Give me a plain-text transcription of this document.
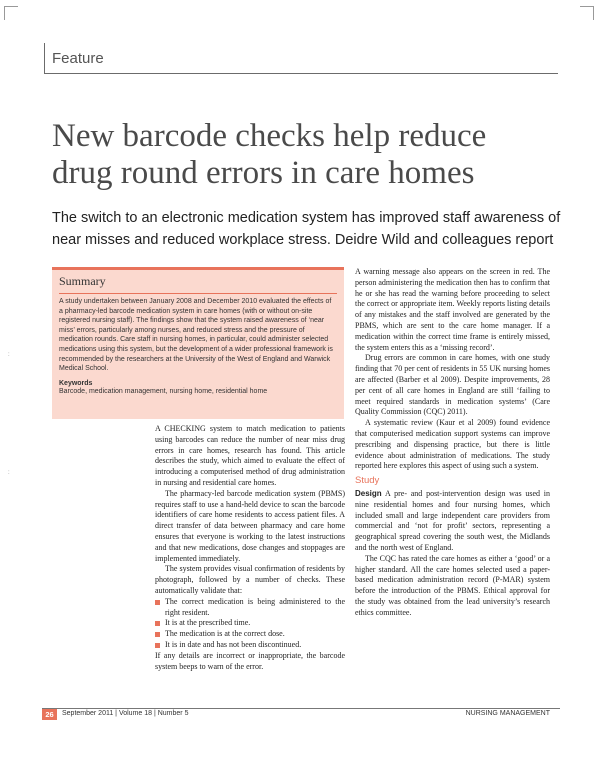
:
:
Feature
New barcode checks help reduce drug round errors in care homes
The switch to an electronic medication system has improved staff awareness of near misses and reduced workplace stress. Deidre Wild and colleagues report
Summary

A study undertaken between January 2008 and December 2010 evaluated the effects of a pharmacy-led barcode medication system in care homes (with or without on-site registered nursing staff). The findings show that the system raised awareness of ‘near miss’ errors, particularly among nurses, and reduced stress and the pressure of medication rounds. Care staff in nursing homes, in particular, could administer selected medications using this system, but the development of a wider professional framework is recommended by the researchers at the University of the West of England and Warwick Medical School.

Keywords

Barcode, medication management, nursing home, residential home

A CHECKING system to match medication to patients using barcodes can reduce the number of near miss drug errors in care homes, research has found. This article describes the study, which aimed to evaluate the effect of introducing a computerised method of drug administration in nursing and residential care homes.

The pharmacy-led barcode medication system (PBMS) requires staff to use a hand-held device to scan the barcode identifiers of care home residents to access patient files. A direct transfer of data between pharmacy and care home ensures that everyone is working to the latest instructions and that new medications, dose changes and stoppages are implemented immediately.

The system provides visual confirmation of residents by photograph, followed by a number of checks. These automatically validate that:

The correct medication is being administered to the right resident.
It is at the prescribed time.
The medication is at the correct dose.
It is in date and has not been discontinued.

If any details are incorrect or inappropriate, the barcode system beeps to warn of the error.

A warning message also appears on the screen in red. The person administering the medication then has to confirm that he or she has read the warning before proceeding to select the correct or appropriate item. Weekly reports listing details of any mistakes and the staff involved are generated by the PBMS, which are sent to the care home manager. If a medication within the correct time frame is entirely missed, the system enters this as a ‘missing record’.

Drug errors are common in care homes, with one study finding that 70 per cent of residents in 55 UK nursing homes are affected (Barber et al 2009). Despite improvements, 28 per cent of all care homes in England are still ‘failing to meet required standards in medication systems’ (Care Quality Commission (CQC) 2011).

A systematic review (Kaur et al 2009) found evidence that computerised medication support systems can improve prescribing and dispensing practice, but there is little evidence about administration of medications. The study reported here explores this aspect of using such a system.

Study

Design A pre- and post-intervention design was used in nine residential homes and four nursing homes, which included small and large independent care providers from commercial and ‘not for profit’ sectors, representing a geographical spread covering the south west, the Midlands and the north west of England.

The CQC has rated the care homes as either a ‘good’ or a higher standard. All the care homes selected used a paper-based medication administration record (P-MAR) system before the introduction of the PBMS. Ethical approval for the study was obtained from the lead university’s research ethics committee.

26	September 2011 | Volume 18 | Number 5	NURSING MANAGEMENT
